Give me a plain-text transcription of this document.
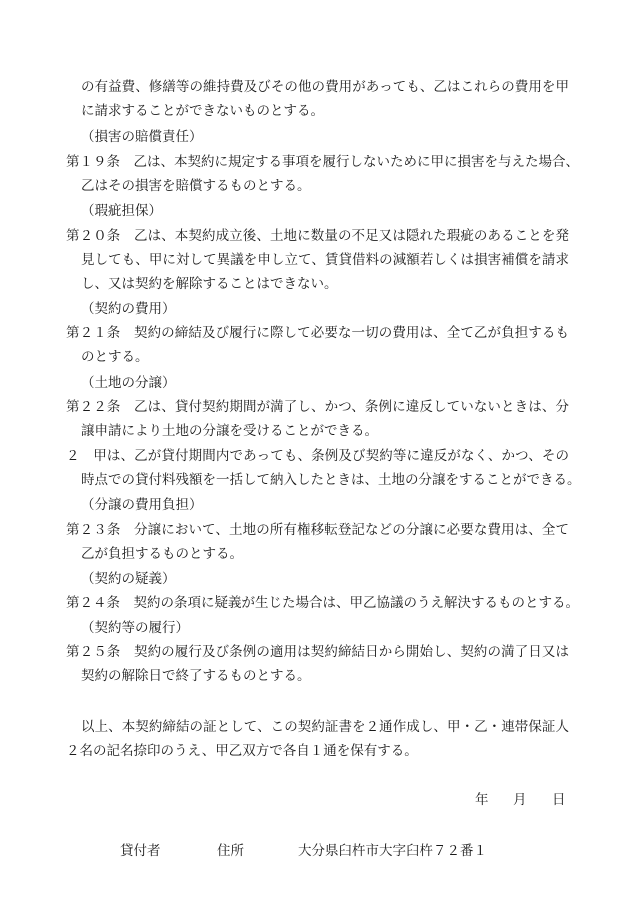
の有益費、修繕等の維持費及びその他の費用があっても、乙はこれらの費用を甲
に請求することができないものとする。
（損害の賠償責任）
第１９条　乙は、本契約に規定する事項を履行しないために甲に損害を与えた場合、
乙はその損害を賠償するものとする。
（瑕疵担保）
第２０条　乙は、本契約成立後、土地に数量の不足又は隠れた瑕疵のあることを発
見しても、甲に対して異議を申し立て、賃貸借料の減額若しくは損害補償を請求
し、又は契約を解除することはできない。
（契約の費用）
第２１条　契約の締結及び履行に際して必要な一切の費用は、全て乙が負担するも
のとする。
（土地の分譲）
第２２条　乙は、貸付契約期間が満了し、かつ、条例に違反していないときは、分
譲申請により土地の分譲を受けることができる。
２　甲は、乙が貸付期間内であっても、条例及び契約等に違反がなく、かつ、その
時点での貸付料残額を一括して納入したときは、土地の分譲をすることができる。
（分譲の費用負担）
第２３条　分譲において、土地の所有権移転登記などの分譲に必要な費用は、全て
乙が負担するものとする。
（契約の疑義）
第２４条　契約の条項に疑義が生じた場合は、甲乙協議のうえ解決するものとする。
（契約等の履行）
第２５条　契約の履行及び条例の適用は契約締結日から開始し、契約の満了日又は
契約の解除日で終了するものとする。
以上、本契約締結の証として、この契約証書を２通作成し、甲・乙・連帯保証人
２名の記名捺印のうえ、甲乙双方で各自１通を保有する。
年 月 日
貸付者	住所	大分県臼杵市大字臼杵７２番１
